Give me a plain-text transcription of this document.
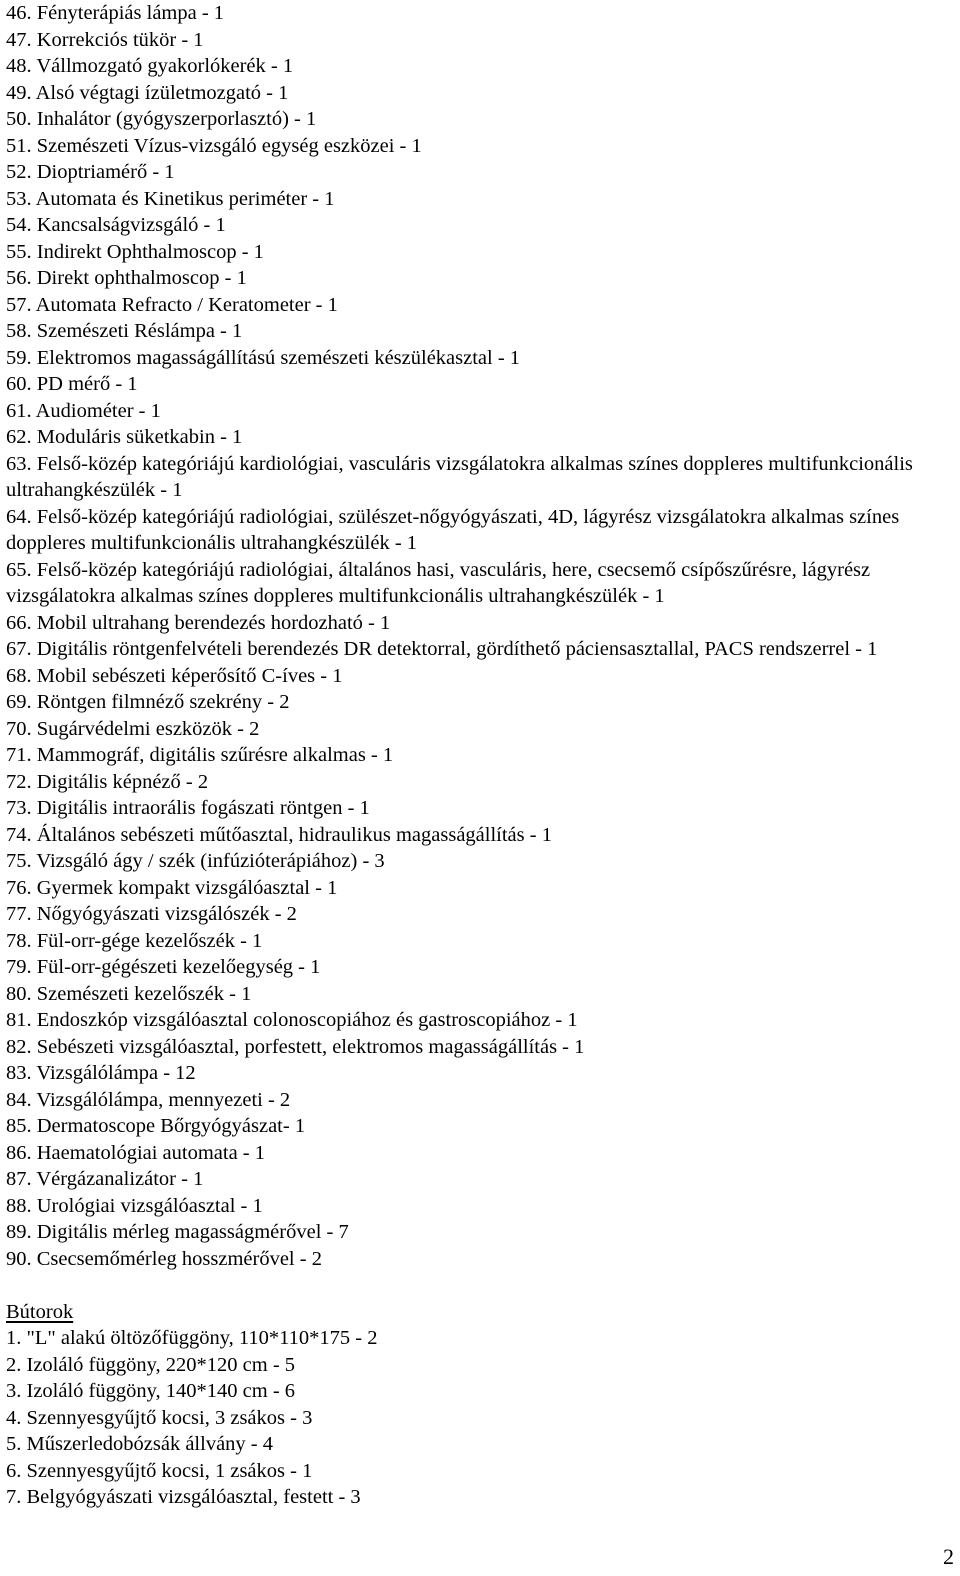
46. Fényterápiás lámpa - 1
47. Korrekciós tükör - 1
48. Vállmozgató gyakorlókerék - 1
49. Alsó végtagi ízületmozgató - 1
50. Inhalátor (gyógyszerporlasztó) - 1
51. Szemészeti Vízus-vizsgáló egység eszközei - 1
52. Dioptriamérő - 1
53. Automata és Kinetikus periméter - 1
54. Kancsalságvizsgáló - 1
55. Indirekt Ophthalmoscop - 1
56. Direkt ophthalmoscop - 1
57. Automata Refracto / Keratometer - 1
58. Szemészeti Réslámpa - 1
59. Elektromos magasságállítású szemészeti készülékasztal - 1
60. PD mérő - 1
61. Audiométer - 1
62. Moduláris süketkabin - 1
63. Felső-közép kategóriájú kardiológiai, vasculáris vizsgálatokra alkalmas színes doppleres multifunkcionális ultrahangkészülék - 1
64. Felső-közép kategóriájú radiológiai, szülészet-nőgyógyászati, 4D, lágyrész vizsgálatokra alkalmas színes doppleres multifunkcionális ultrahangkészülék - 1
65. Felső-közép kategóriájú radiológiai, általános hasi, vasculáris, here, csecsemő csípőszűrésre, lágyrész vizsgálatokra alkalmas színes doppleres multifunkcionális ultrahangkészülék - 1
66. Mobil ultrahang berendezés hordozható - 1
67. Digitális röntgenfelvételi berendezés DR detektorral, gördíthető páciensasztallal, PACS rendszerrel - 1
68. Mobil sebészeti képerősítő C-íves - 1
69. Röntgen filmnéző szekrény - 2
70. Sugárvédelmi eszközök - 2
71. Mammográf, digitális szűrésre alkalmas - 1
72. Digitális képnéző - 2
73. Digitális intraorális fogászati röntgen - 1
74. Általános sebészeti műtőasztal, hidraulikus magasságállítás - 1
75. Vizsgáló ágy / szék (infúzióterápiához) - 3
76. Gyermek kompakt vizsgálóasztal - 1
77. Nőgyógyászati vizsgálószék - 2
78. Fül-orr-gége kezelőszék - 1
79. Fül-orr-gégészeti kezelőegység - 1
80. Szemészeti kezelőszék - 1
81. Endoszkóp vizsgálóasztal colonoscopiához és gastroscopiához - 1
82. Sebészeti vizsgálóasztal, porfestett, elektromos magasságállítás - 1
83. Vizsgálólámpa - 12
84. Vizsgálólámpa, mennyezeti - 2
85. Dermatoscope Bőrgyógyászat- 1
86. Haematológiai automata - 1
87. Vérgázanalizátor - 1
88. Urológiai vizsgálóasztal - 1
89. Digitális mérleg magasságmérővel - 7
90. Csecsemőmérleg hosszmérővel - 2
Bútorok
1. "L" alakú öltözőfüggöny, 110*110*175 - 2
2. Izoláló függöny, 220*120 cm - 5
3. Izoláló függöny, 140*140 cm - 6
4. Szennyesgyűjtő kocsi, 3 zsákos - 3
5. Műszerledobózsák állvány - 4
6. Szennyesgyűjtő kocsi, 1 zsákos - 1
7. Belgyógyászati vizsgálóasztal, festett - 3
2
